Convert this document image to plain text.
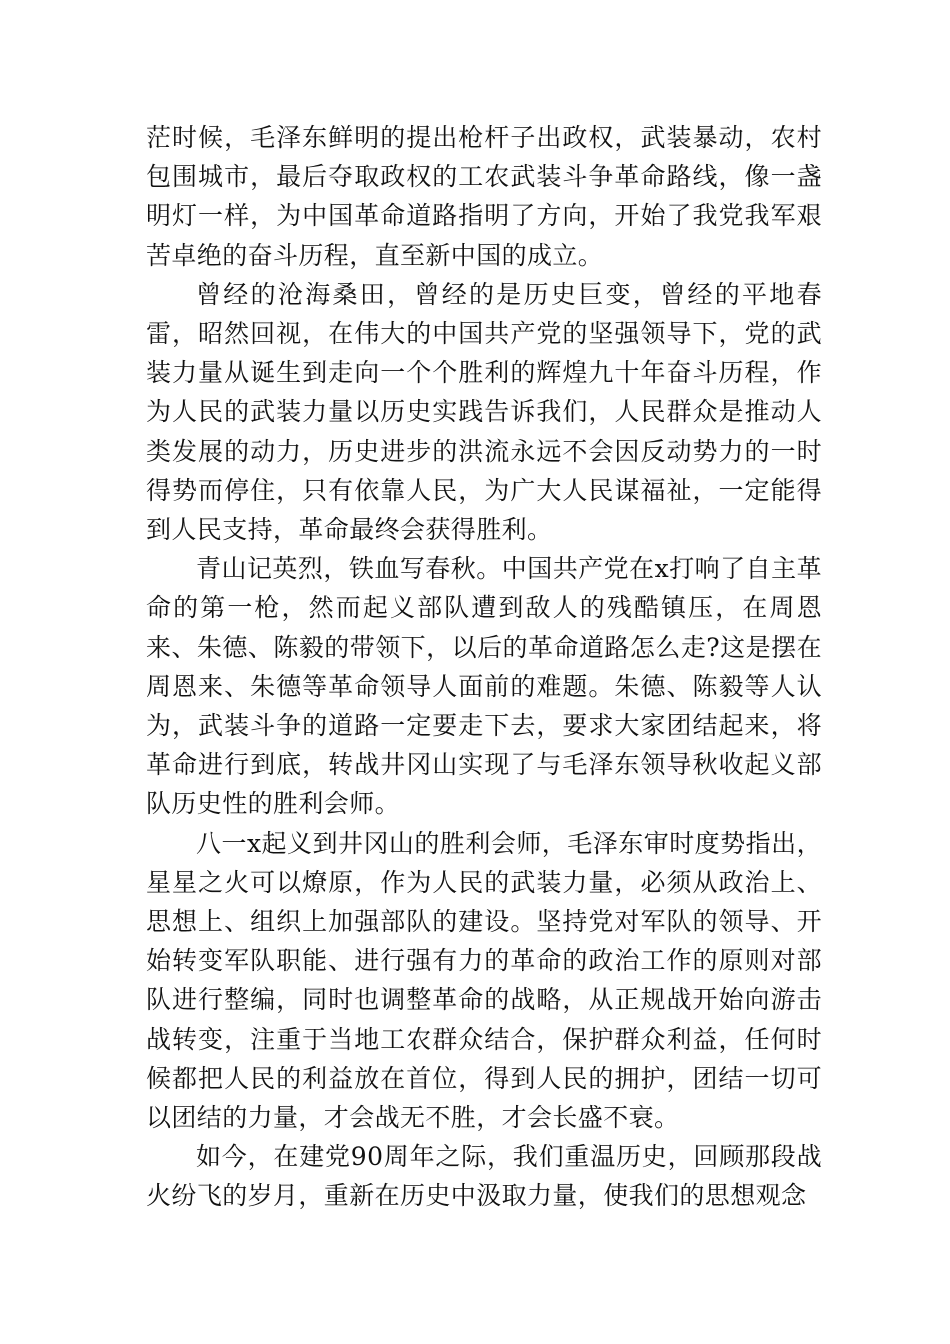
茫时候，毛泽东鲜明的提出枪杆子出政权，武装暴动，农村包围城市，最后夺取政权的工农武装斗争革命路线，像一盏明灯一样，为中国革命道路指明了方向，开始了我党我军艰苦卓绝的奋斗历程，直至新中国的成立。

曾经的沧海桑田，曾经的是历史巨变，曾经的平地春雷，昭然回视，在伟大的中国共产党的坚强领导下，党的武装力量从诞生到走向一个个胜利的辉煌九十年奋斗历程，作为人民的武装力量以历史实践告诉我们，人民群众是推动人类发展的动力，历史进步的洪流永远不会因反动势力的一时得势而停住，只有依靠人民，为广大人民谋福祉，一定能得到人民支持，革命最终会获得胜利。

青山记英烈，铁血写春秋。中国共产党在x打响了自主革命的第一枪，然而起义部队遭到敌人的残酷镇压，在周恩来、朱德、陈毅的带领下，以后的革命道路怎么走?这是摆在周恩来、朱德等革命领导人面前的难题。朱德、陈毅等人认为，武装斗争的道路一定要走下去，要求大家团结起来，将革命进行到底，转战井冈山实现了与毛泽东领导秋收起义部队历史性的胜利会师。

八一x起义到井冈山的胜利会师，毛泽东审时度势指出，星星之火可以燎原，作为人民的武装力量，必须从政治上、思想上、组织上加强部队的建设。坚持党对军队的领导、开始转变军队职能、进行强有力的革命的政治工作的原则对部队进行整编，同时也调整革命的战略，从正规战开始向游击战转变，注重于当地工农群众结合，保护群众利益，任何时候都把人民的利益放在首位，得到人民的拥护，团结一切可以团结的力量，才会战无不胜，才会长盛不衰。

如今，在建党90周年之际，我们重温历史，回顾那段战火纷飞的岁月，重新在历史中汲取力量，使我们的思想观念
